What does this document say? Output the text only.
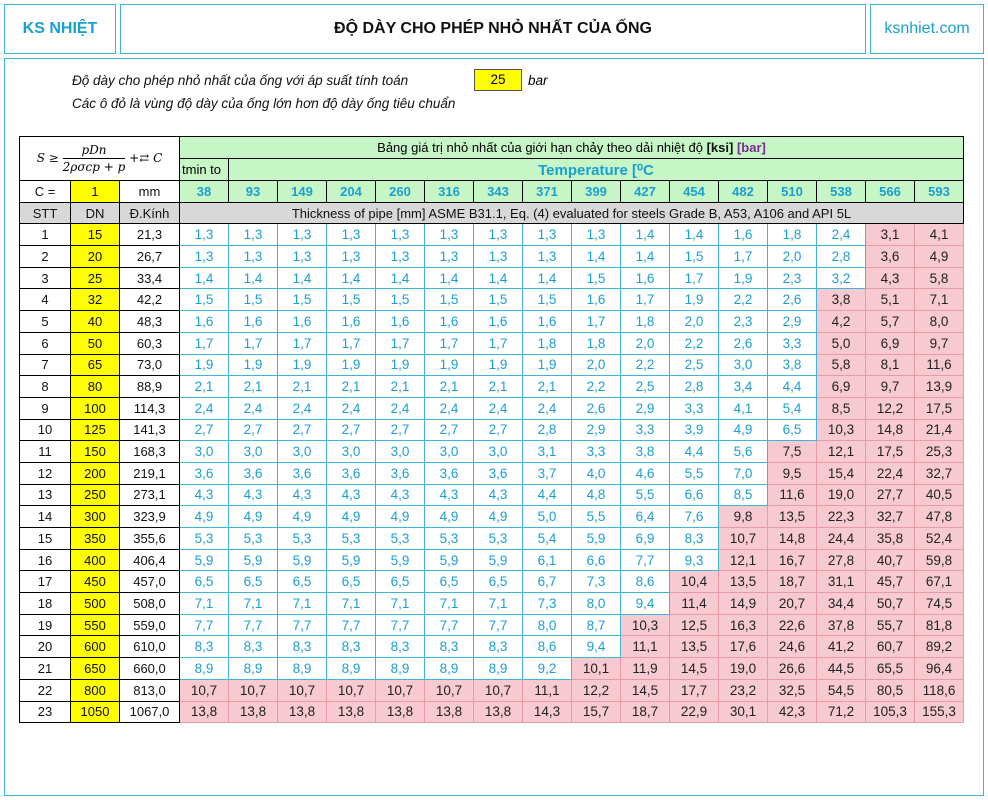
KS NHIỆT	ĐỘ DÀY CHO PHÉP NHỎ NHẤT CỦA ỐNG	ksnhiet.com
Độ dày cho phép nhỏ nhất của ống với áp suất tính toán	25	bar
Các ô đỏ là vùng độ dày của ống lớn hơn độ dày ống tiêu chuẩn
S ≥
pDn
2ρσcp + p
+⇄ C			Bảng giá trị nhỏ nhất của giới hạn chảy theo dải nhiệt độ [ksi] [bar]															
			tmin to	Temperature [⁰C														
C =	1	mm	38	93	149	204	260	316	343	371	399	427	454	482	510	538	566	593
STT	DN	Đ.Kính	Thickness of pipe [mm] ASME B31.1, Eq. (4) evaluated for steels Grade B, A53, A106 and API 5L															
1	15	21,3	1,3	1,3	1,3	1,3	1,3	1,3	1,3	1,3	1,3	1,4	1,4	1,6	1,8	2,4	3,1	4,1
2	20	26,7	1,3	1,3	1,3	1,3	1,3	1,3	1,3	1,3	1,4	1,4	1,5	1,7	2,0	2,8	3,6	4,9
3	25	33,4	1,4	1,4	1,4	1,4	1,4	1,4	1,4	1,4	1,5	1,6	1,7	1,9	2,3	3,2	4,3	5,8
4	32	42,2	1,5	1,5	1,5	1,5	1,5	1,5	1,5	1,5	1,6	1,7	1,9	2,2	2,6	3,8	5,1	7,1
5	40	48,3	1,6	1,6	1,6	1,6	1,6	1,6	1,6	1,6	1,7	1,8	2,0	2,3	2,9	4,2	5,7	8,0
6	50	60,3	1,7	1,7	1,7	1,7	1,7	1,7	1,7	1,8	1,8	2,0	2,2	2,6	3,3	5,0	6,9	9,7
7	65	73,0	1,9	1,9	1,9	1,9	1,9	1,9	1,9	1,9	2,0	2,2	2,5	3,0	3,8	5,8	8,1	11,6
8	80	88,9	2,1	2,1	2,1	2,1	2,1	2,1	2,1	2,1	2,2	2,5	2,8	3,4	4,4	6,9	9,7	13,9
9	100	114,3	2,4	2,4	2,4	2,4	2,4	2,4	2,4	2,4	2,6	2,9	3,3	4,1	5,4	8,5	12,2	17,5
10	125	141,3	2,7	2,7	2,7	2,7	2,7	2,7	2,7	2,8	2,9	3,3	3,9	4,9	6,5	10,3	14,8	21,4
11	150	168,3	3,0	3,0	3,0	3,0	3,0	3,0	3,0	3,1	3,3	3,8	4,4	5,6	7,5	12,1	17,5	25,3
12	200	219,1	3,6	3,6	3,6	3,6	3,6	3,6	3,6	3,7	4,0	4,6	5,5	7,0	9,5	15,4	22,4	32,7
13	250	273,1	4,3	4,3	4,3	4,3	4,3	4,3	4,3	4,4	4,8	5,5	6,6	8,5	11,6	19,0	27,7	40,5
14	300	323,9	4,9	4,9	4,9	4,9	4,9	4,9	4,9	5,0	5,5	6,4	7,6	9,8	13,5	22,3	32,7	47,8
15	350	355,6	5,3	5,3	5,3	5,3	5,3	5,3	5,3	5,4	5,9	6,9	8,3	10,7	14,8	24,4	35,8	52,4
16	400	406,4	5,9	5,9	5,9	5,9	5,9	5,9	5,9	6,1	6,6	7,7	9,3	12,1	16,7	27,8	40,7	59,8
17	450	457,0	6,5	6,5	6,5	6,5	6,5	6,5	6,5	6,7	7,3	8,6	10,4	13,5	18,7	31,1	45,7	67,1
18	500	508,0	7,1	7,1	7,1	7,1	7,1	7,1	7,1	7,3	8,0	9,4	11,4	14,9	20,7	34,4	50,7	74,5
19	550	559,0	7,7	7,7	7,7	7,7	7,7	7,7	7,7	8,0	8,7	10,3	12,5	16,3	22,6	37,8	55,7	81,8
20	600	610,0	8,3	8,3	8,3	8,3	8,3	8,3	8,3	8,6	9,4	11,1	13,5	17,6	24,6	41,2	60,7	89,2
21	650	660,0	8,9	8,9	8,9	8,9	8,9	8,9	8,9	9,2	10,1	11,9	14,5	19,0	26,6	44,5	65,5	96,4
22	800	813,0	10,7	10,7	10,7	10,7	10,7	10,7	10,7	11,1	12,2	14,5	17,7	23,2	32,5	54,5	80,5	118,6
23	1050	1067,0	13,8	13,8	13,8	13,8	13,8	13,8	13,8	14,3	15,7	18,7	22,9	30,1	42,3	71,2	105,3	155,3
